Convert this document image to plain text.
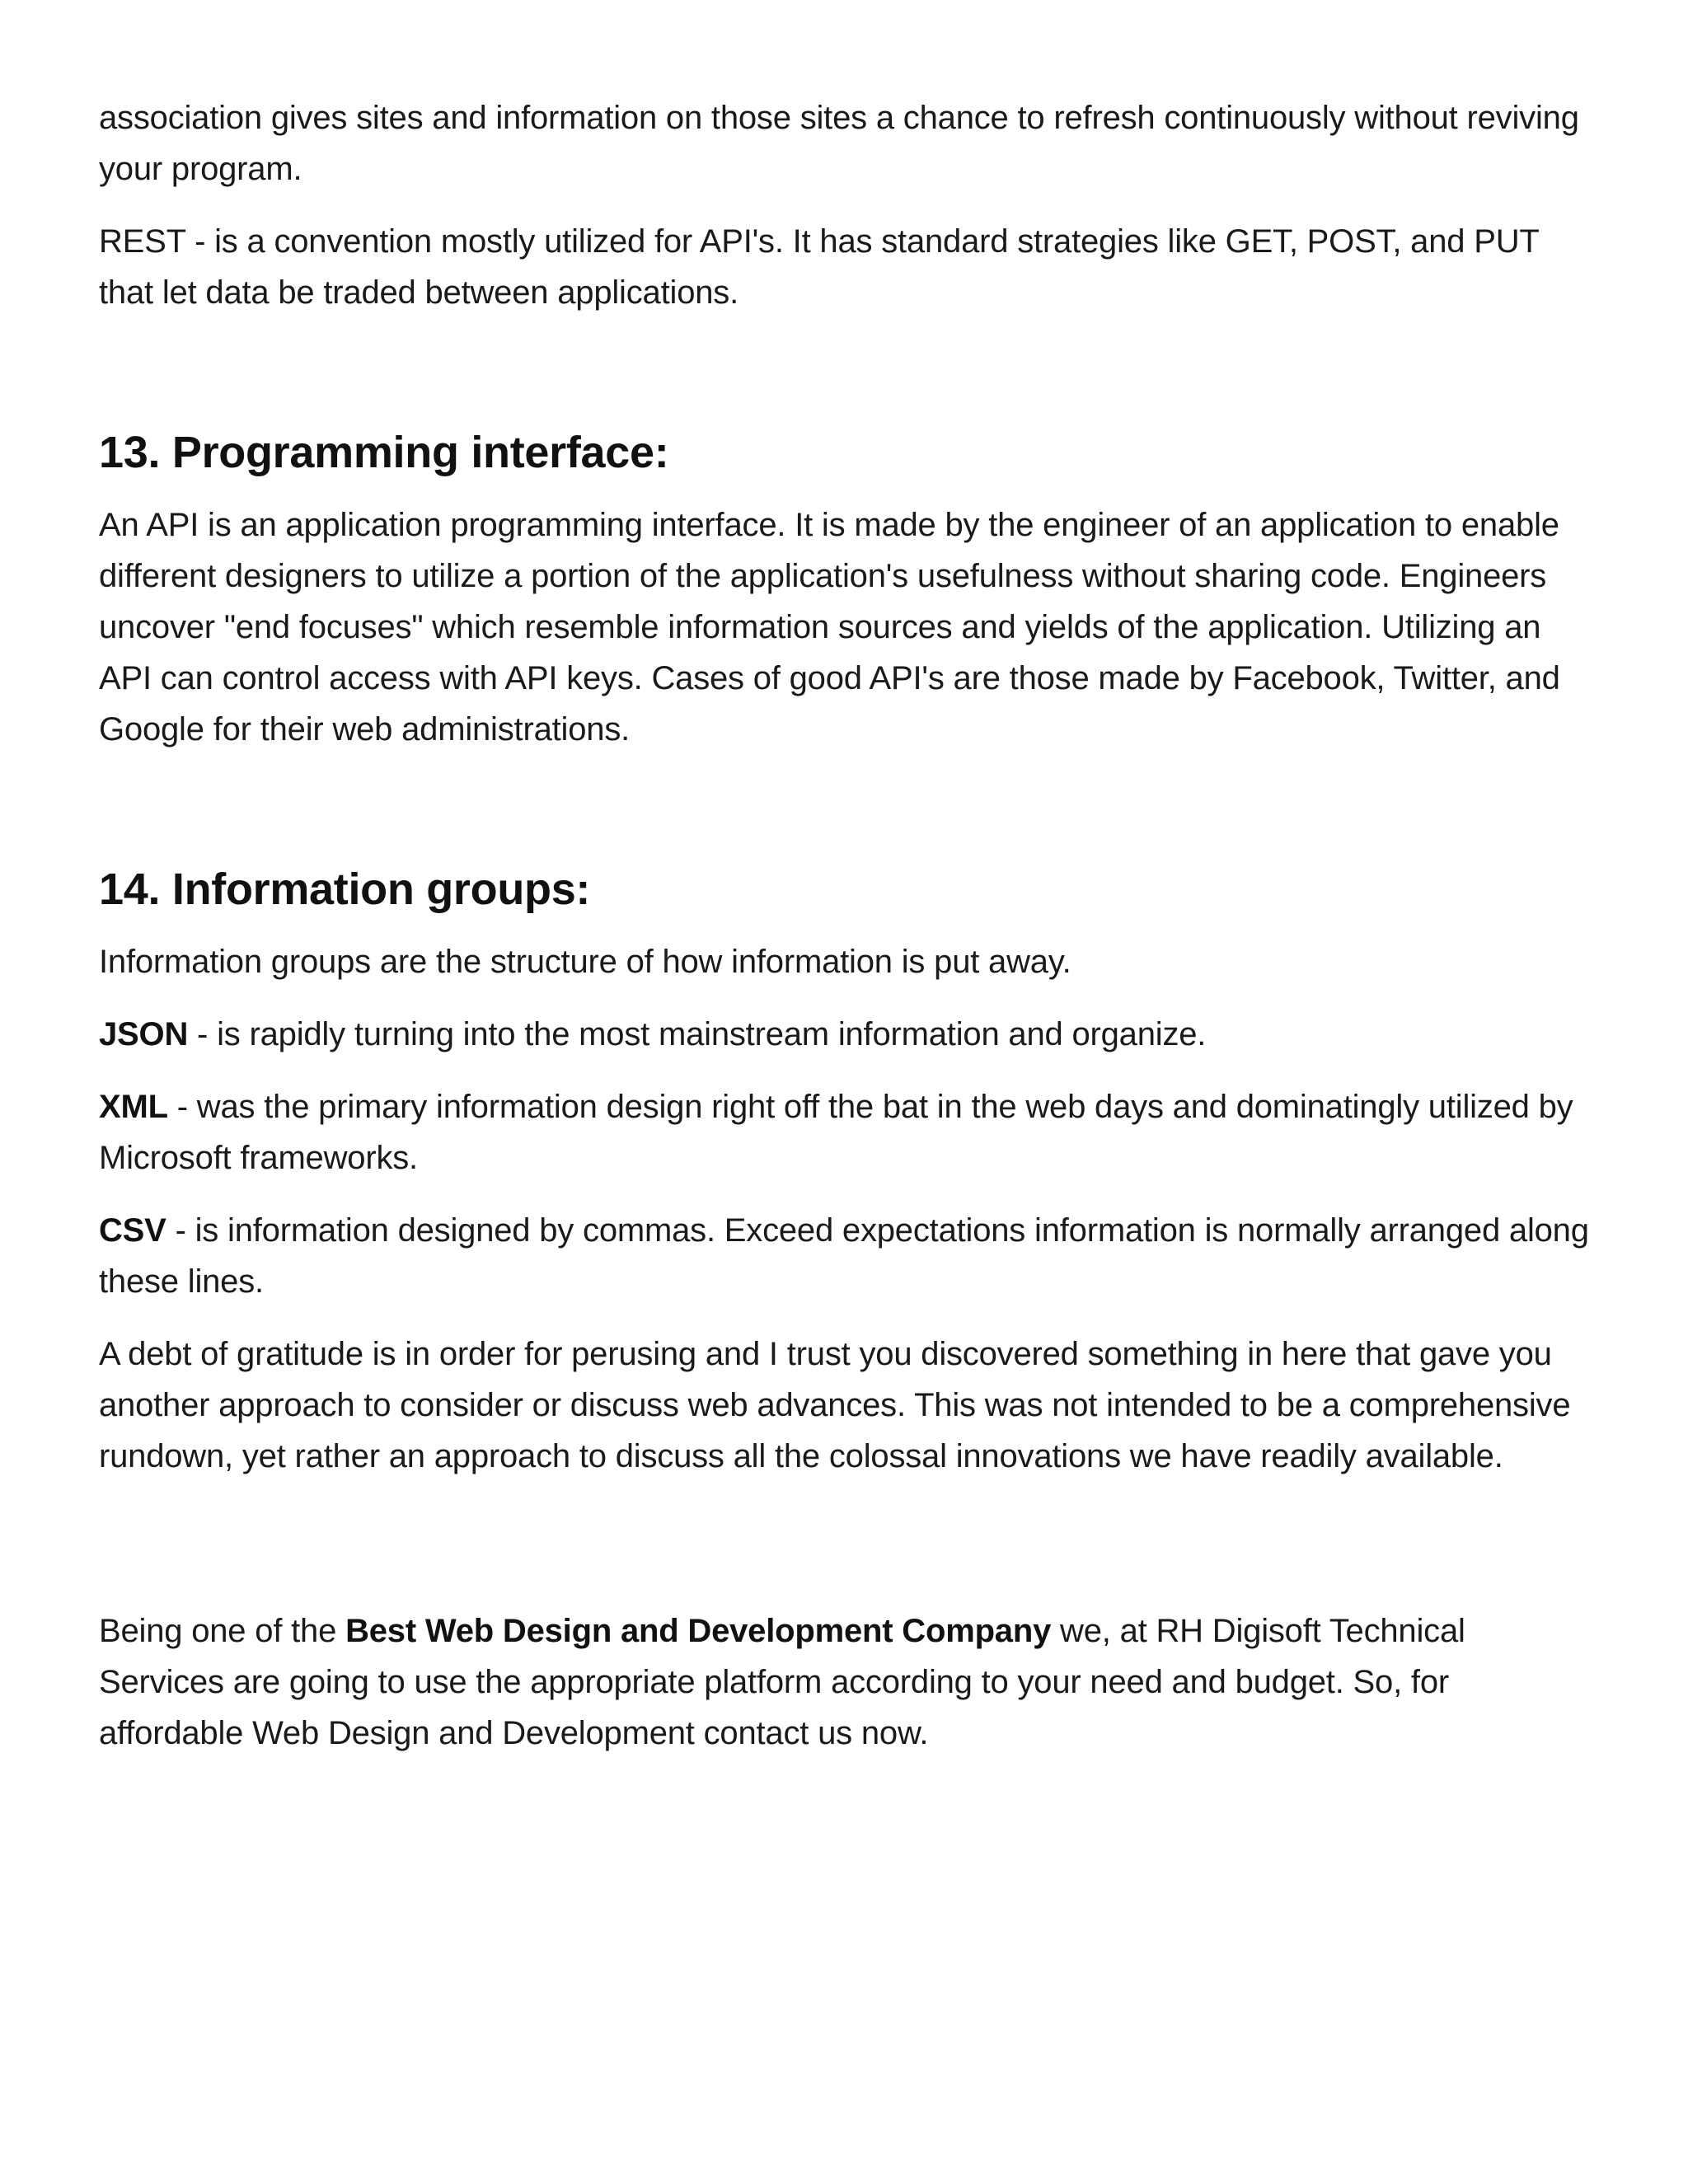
association gives sites and information on those sites a chance to refresh continuously without reviving your program.

REST - is a convention mostly utilized for API's. It has standard strategies like GET, POST, and PUT that let data be traded between applications.

13. Programming interface:

An API is an application programming interface. It is made by the engineer of an application to enable different designers to utilize a portion of the application's usefulness without sharing code. Engineers uncover "end focuses" which resemble information sources and yields of the application. Utilizing an API can control access with API keys. Cases of good API's are those made by Facebook, Twitter, and Google for their web administrations.

14. Information groups:

Information groups are the structure of how information is put away.

JSON - is rapidly turning into the most mainstream information and organize.

XML - was the primary information design right off the bat in the web days and dominatingly utilized by Microsoft frameworks.

CSV - is information designed by commas. Exceed expectations information is normally arranged along these lines.

A debt of gratitude is in order for perusing and I trust you discovered something in here that gave you another approach to consider or discuss web advances. This was not intended to be a comprehensive rundown, yet rather an approach to discuss all the colossal innovations we have readily available.

Being one of the Best Web Design and Development Company we, at RH Digisoft Technical Services are going to use the appropriate platform according to your need and budget. So, for affordable Web Design and Development contact us now.
